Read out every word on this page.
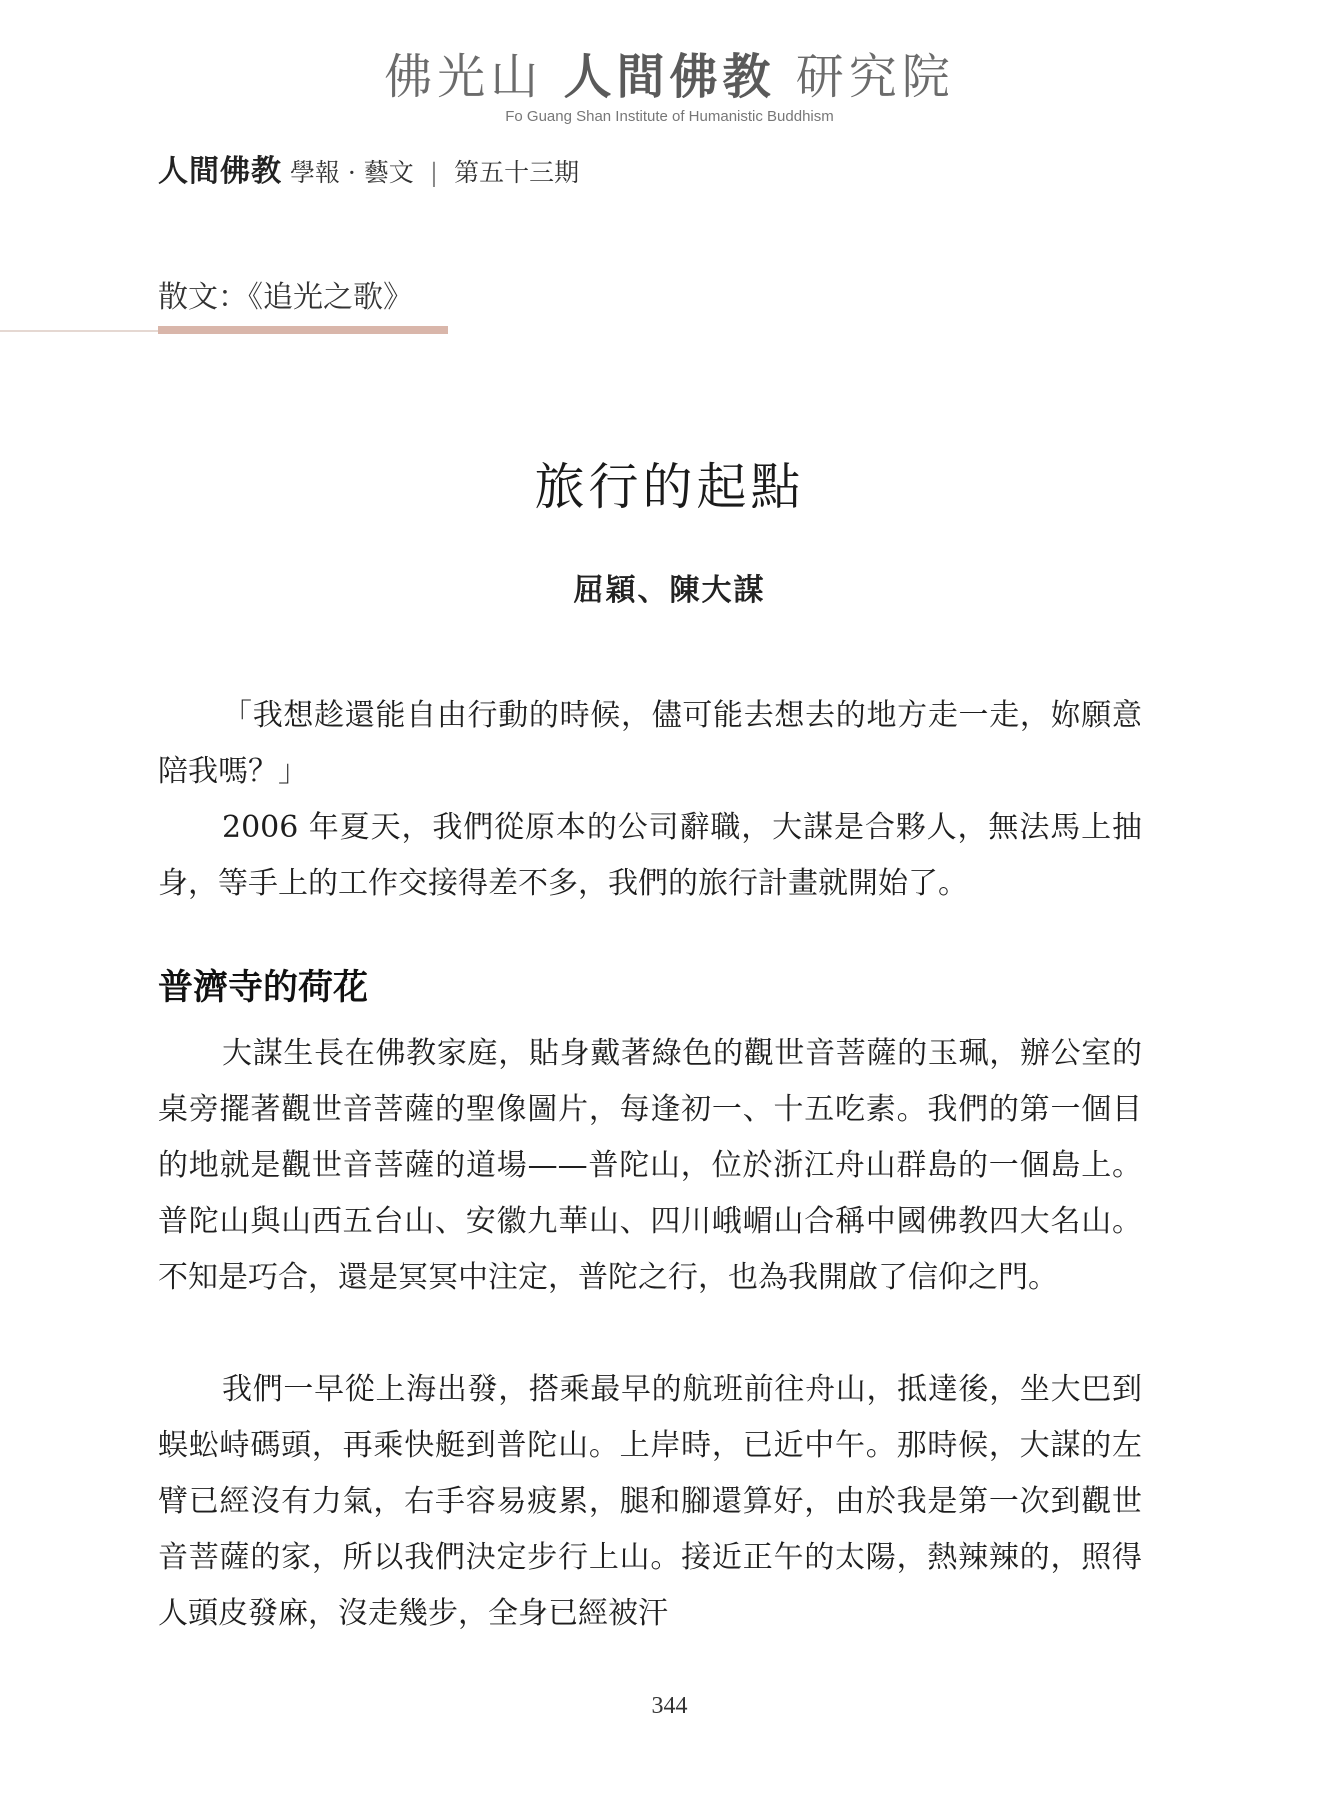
佛光山 人間佛教 研究院
Fo Guang Shan Institute of Humanistic Buddhism
人間佛教 學報 · 藝文 | 第五十三期
散文：《追光之歌》
旅行的起點
屈穎、陳大謀

「我想趁還能自由行動的時候，儘可能去想去的地方走一走，妳願意陪我嗎？」

2006 年夏天，我們從原本的公司辭職，大謀是合夥人，無法馬上抽身，等手上的工作交接得差不多，我們的旅行計畫就開始了。

普濟寺的荷花

大謀生長在佛教家庭，貼身戴著綠色的觀世音菩薩的玉珮，辦公室的桌旁擺著觀世音菩薩的聖像圖片，每逢初一、十五吃素。我們的第一個目的地就是觀世音菩薩的道場——普陀山，位於浙江舟山群島的一個島上。普陀山與山西五台山、安徽九華山、四川峨嵋山合稱中國佛教四大名山。不知是巧合，還是冥冥中注定，普陀之行，也為我開啟了信仰之門。

我們一早從上海出發，搭乘最早的航班前往舟山，抵達後，坐大巴到蜈蚣峙碼頭，再乘快艇到普陀山。上岸時，已近中午。那時候，大謀的左臂已經沒有力氣，右手容易疲累，腿和腳還算好，由於我是第一次到觀世音菩薩的家，所以我們決定步行上山。接近正午的太陽，熱辣辣的，照得人頭皮發麻，沒走幾步，全身已經被汗

344
